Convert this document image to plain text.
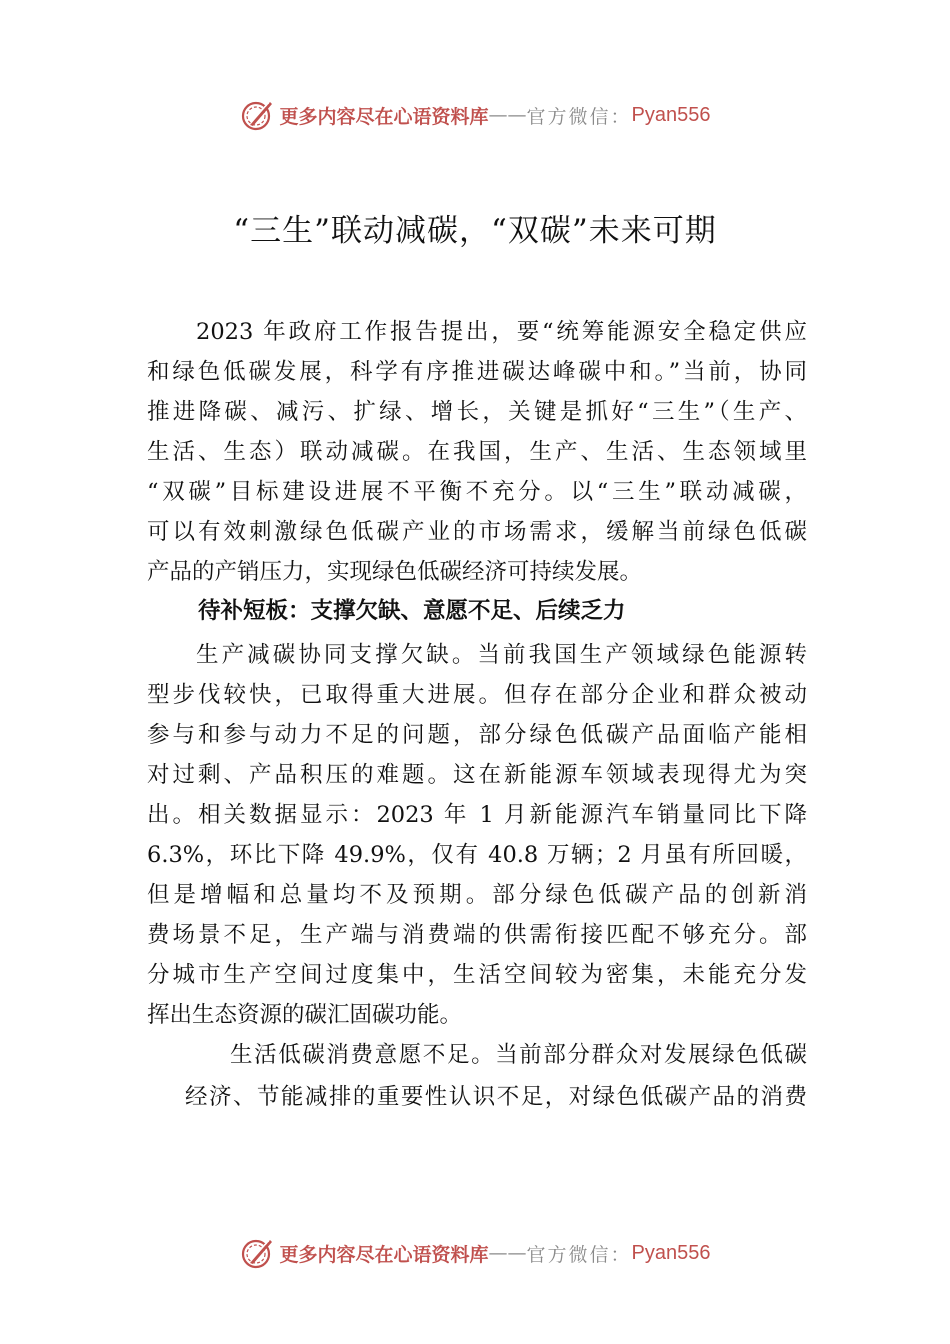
更多内容尽在心语资料库 —— 官方微信： Pyan556
“三生”联动减碳，“双碳”未来可期
2023 年政府工作报告提出，要“统筹能源安全稳定供应
和绿色低碳发展，科学有序推进碳达峰碳中和。”当前，协同
推进降碳、减污、扩绿、增长，关键是抓好“三生”（生产、
生活、生态）联动减碳。在我国，生产、生活、生态领域里
“双碳”目标建设进展不平衡不充分。以“三生”联动减碳，
可以有效刺激绿色低碳产业的市场需求，缓解当前绿色低碳
产品的产销压力，实现绿色低碳经济可持续发展。
待补短板：支撑欠缺、意愿不足、后续乏力
生产减碳协同支撑欠缺。当前我国生产领域绿色能源转
型步伐较快，已取得重大进展。但存在部分企业和群众被动
参与和参与动力不足的问题，部分绿色低碳产品面临产能相
对过剩、产品积压的难题。这在新能源车领域表现得尤为突
出。相关数据显示：2023 年 1 月新能源汽车销量同比下降
6.3%，环比下降 49.9%，仅有 40.8 万辆；2 月虽有所回暖，
但是增幅和总量均不及预期。部分绿色低碳产品的创新消
费场景不足，生产端与消费端的供需衔接匹配不够充分。部
分城市生产空间过度集中，生活空间较为密集，未能充分发
挥出生态资源的碳汇固碳功能。
生活低碳消费意愿不足。当前部分群众对发展绿色低碳
经济、节能减排的重要性认识不足，对绿色低碳产品的消费
更多内容尽在心语资料库 —— 官方微信： Pyan556
